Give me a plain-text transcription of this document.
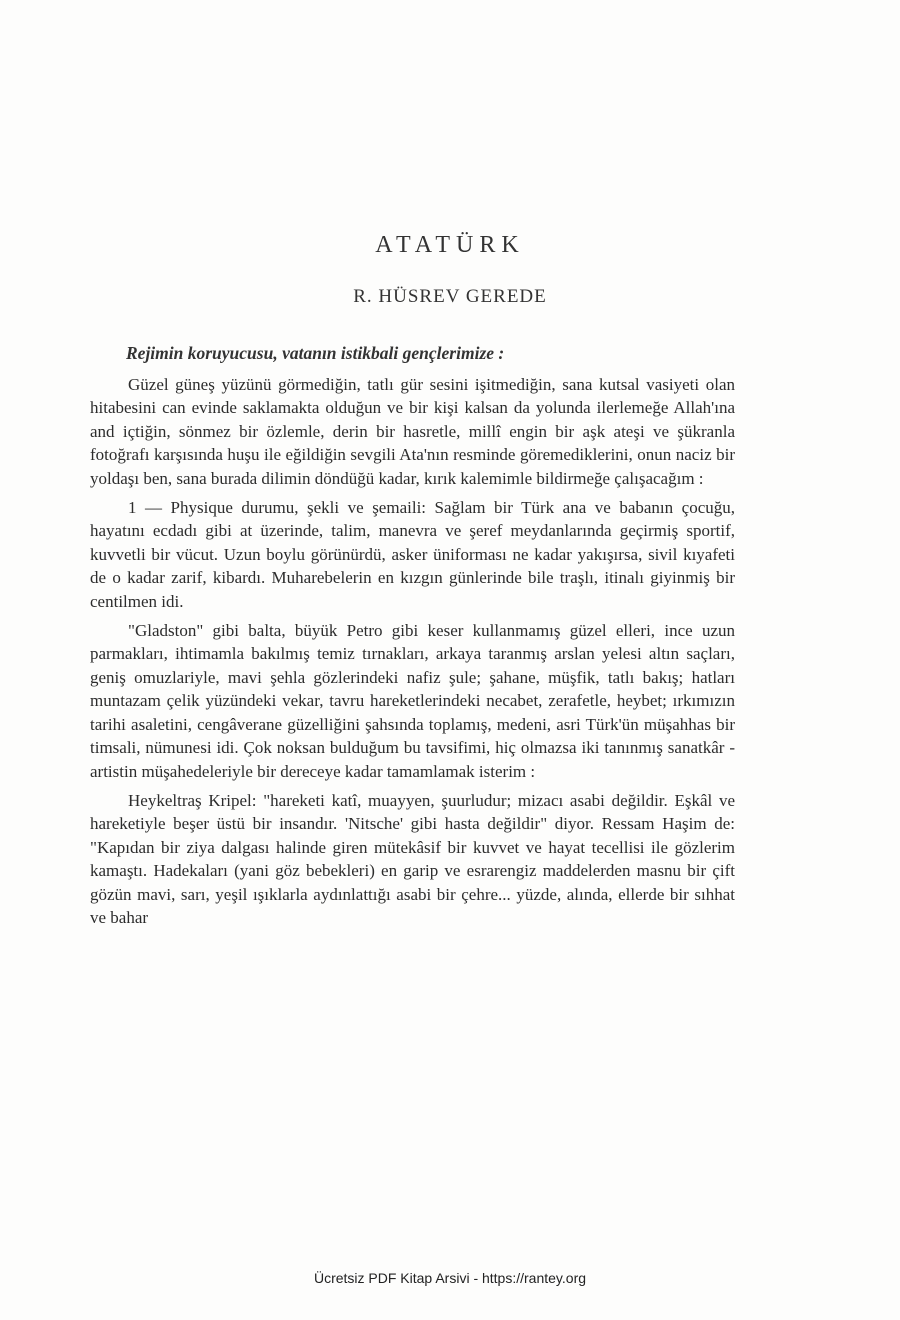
ATATÜRK
R. HÜSREV GEREDE

Rejimin koruyucusu, vatanın istikbali gençlerimize :

Güzel güneş yüzünü görmediğin, tatlı gür sesini işitmediğin, sana kutsal vasiyeti olan hitabesini can evinde saklamakta olduğun ve bir kişi kalsan da yolunda ilerlemeğe Allah'ına and içtiğin, sönmez bir özlemle, derin bir hasretle, millî engin bir aşk ateşi ve şükranla fotoğrafı karşısında huşu ile eğildiğin sevgili Ata'nın resminde göremediklerini, onun naciz bir yoldaşı ben, sana burada dilimin döndüğü kadar, kırık kalemimle bildirmeğe çalışacağım :

1 — Physique durumu, şekli ve şemaili: Sağlam bir Türk ana ve babanın çocuğu, hayatını ecdadı gibi at üzerinde, talim, manevra ve şeref meydanlarında geçirmiş sportif, kuvvetli bir vücut. Uzun boylu görünürdü, asker üniforması ne kadar yakışırsa, sivil kıyafeti de o kadar zarif, kibardı. Muharebelerin en kızgın günlerinde bile traşlı, itinalı giyinmiş bir centilmen idi.

"Gladston" gibi balta, büyük Petro gibi keser kullanmamış güzel elleri, ince uzun parmakları, ihtimamla bakılmış temiz tırnakları, arkaya taranmış arslan yelesi altın saçları, geniş omuzlariyle, mavi şehla gözlerindeki nafiz şule; şahane, müşfik, tatlı bakış; hatları muntazam çelik yüzündeki vekar, tavru hareketlerindeki necabet, zerafetle, heybet; ırkımızın tarihi asaletini, cengâverane güzelliğini şahsında toplamış, medeni, asri Türk'ün müşahhas bir timsali, nümunesi idi. Çok noksan bulduğum bu tavsifimi, hiç olmazsa iki tanınmış sanatkâr - artistin müşahedeleriyle bir dereceye kadar tamamlamak isterim :

Heykeltraş Kripel: "hareketi katî, muayyen, şuurludur; mizacı asabi değildir. Eşkâl ve hareketiyle beşer üstü bir insandır. 'Nitsche' gibi hasta değildir" diyor. Ressam Haşim de: "Kapıdan bir ziya dalgası halinde giren mütekâsif bir kuvvet ve hayat tecellisi ile gözlerim kamaştı. Hadekaları (yani göz bebekleri) en garip ve esrarengiz maddelerden masnu bir çift gözün mavi, sarı, yeşil ışıklarla aydınlattığı asabi bir çehre... yüzde, alında, ellerde bir sıhhat ve bahar

Ücretsiz PDF Kitap Arsivi - https://rantey.org
